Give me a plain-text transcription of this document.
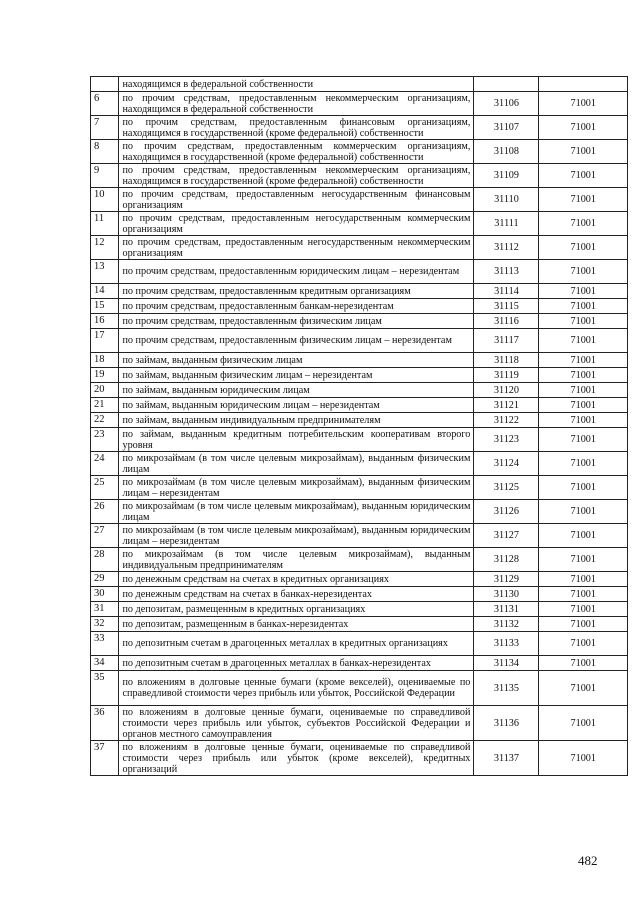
	находящимся в федеральной собственности		
6	по прочим средствам, предоставленным некоммерческим организациям, находящимся в федеральной собственности	31106	71001
7	по прочим средствам, предоставленным финансовым организациям, находящимся в государственной (кроме федеральной) собственности	31107	71001
8	по прочим средствам, предоставленным коммерческим организациям, находящимся в государственной (кроме федеральной) собственности	31108	71001
9	по прочим средствам, предоставленным некоммерческим организациям, находящимся в государственной (кроме федеральной) собственности	31109	71001
10	по прочим средствам, предоставленным негосударственным финансовым организациям	31110	71001
11	по прочим средствам, предоставленным негосударственным коммерческим организациям	31111	71001
12	по прочим средствам, предоставленным негосударственным некоммерческим организациям	31112	71001
13	по прочим средствам, предоставленным юридическим лицам – нерезидентам	31113	71001
14	по прочим средствам, предоставленным кредитным организациям	31114	71001
15	по прочим средствам, предоставленным банкам-нерезидентам	31115	71001
16	по прочим средствам, предоставленным физическим лицам	31116	71001
17	по прочим средствам, предоставленным физическим лицам – нерезидентам	31117	71001
18	по займам, выданным физическим лицам	31118	71001
19	по займам, выданным физическим лицам – нерезидентам	31119	71001
20	по займам, выданным юридическим лицам	31120	71001
21	по займам, выданным юридическим лицам – нерезидентам	31121	71001
22	по займам, выданным индивидуальным предпринимателям	31122	71001
23	по займам, выданным кредитным потребительским кооперативам второго уровня	31123	71001
24	по микрозаймам (в том числе целевым микрозаймам), выданным физическим лицам	31124	71001
25	по микрозаймам (в том числе целевым микрозаймам), выданным физическим лицам – нерезидентам	31125	71001
26	по микрозаймам (в том числе целевым микрозаймам), выданным юридическим лицам	31126	71001
27	по микрозаймам (в том числе целевым микрозаймам), выданным юридическим лицам – нерезидентам	31127	71001
28	по микрозаймам (в том числе целевым микрозаймам), выданным индивидуальным предпринимателям	31128	71001
29	по денежным средствам на счетах в кредитных организациях	31129	71001
30	по денежным средствам на счетах в банках-нерезидентах	31130	71001
31	по депозитам, размещенным в кредитных организациях	31131	71001
32	по депозитам, размещенным в банках-нерезидентах	31132	71001
33	по депозитным счетам в драгоценных металлах в кредитных организациях	31133	71001
34	по депозитным счетам в драгоценных металлах в банках-нерезидентах	31134	71001
35	по вложениям в долговые ценные бумаги (кроме векселей), оцениваемые по справедливой стоимости через прибыль или убыток, Российской Федерации	31135	71001
36	по вложениям в долговые ценные бумаги, оцениваемые по справедливой стоимости через прибыль или убыток, субъектов Российской Федерации и органов местного самоуправления	31136	71001
37	по вложениям в долговые ценные бумаги, оцениваемые по справедливой стоимости через прибыль или убыток (кроме векселей), кредитных организаций	31137	71001
482
